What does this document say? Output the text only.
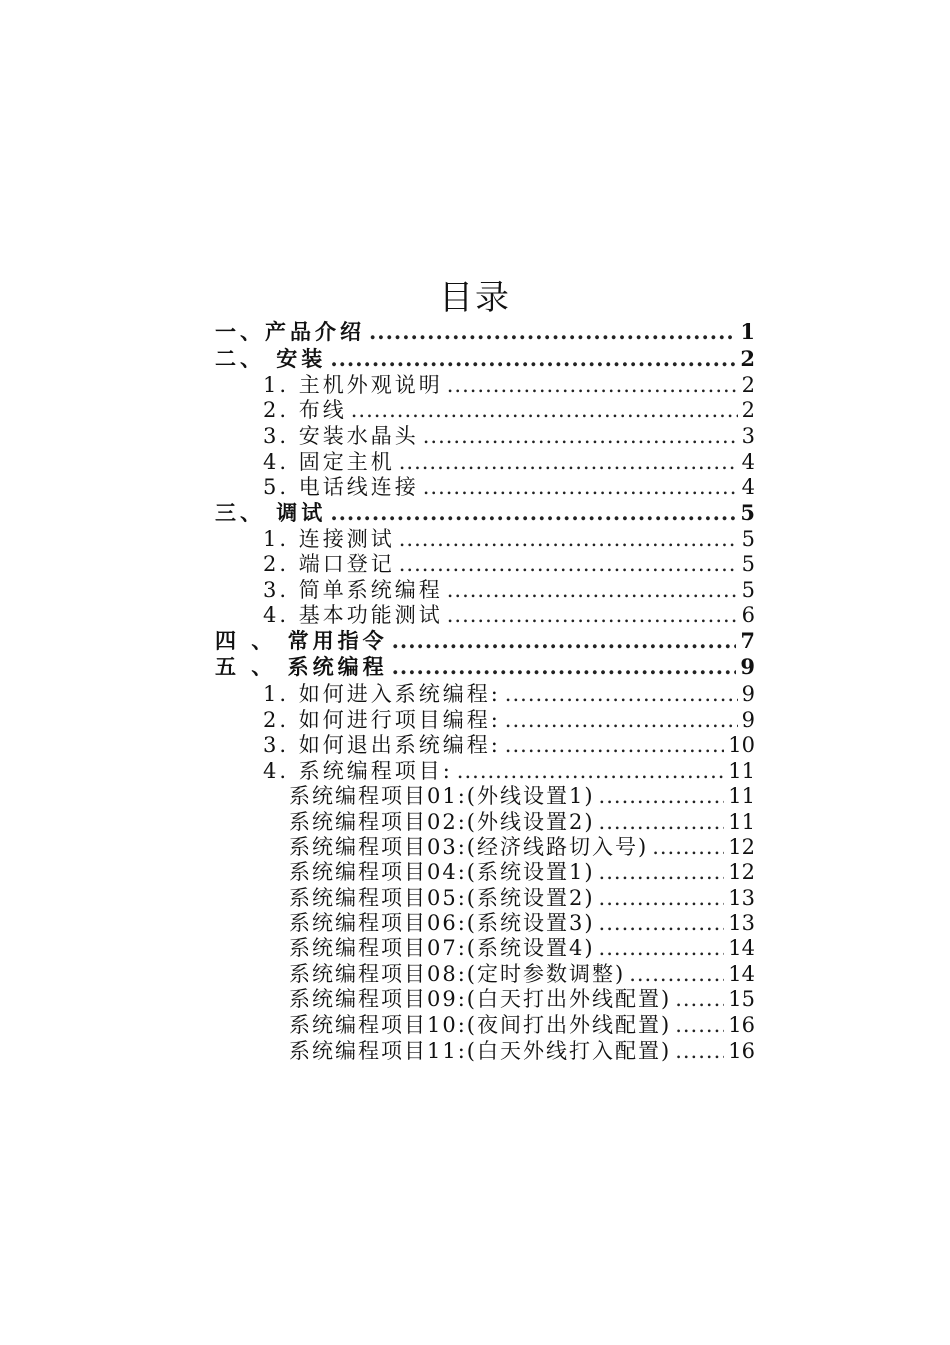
目录
一、产品介绍 .....	1
二、 安装 .....	2
1. 主机外观说明 .....	2
2. 布线 .....	2
3. 安装水晶头 .....	3
4. 固定主机 .....	4
5. 电话线连接 .....	4
三、 调试 .....	5
1. 连接测试 .....	5
2. 端口登记 .....	5
3. 简单系统编程 .....	5
4. 基本功能测试 .....	6
四 、 常用指令 .....	7
五 、 系统编程 .....	9
1. 如何进入系统编程: .....	9
2. 如何进行项目编程: .....	9
3. 如何退出系统编程: .....	10
4. 系统编程项目: .....	11
系统编程项目01:(外线设置1) .....	11
系统编程项目02:(外线设置2) .....	11
系统编程项目03:(经济线路切入号) .....	12
系统编程项目04:(系统设置1) .....	12
系统编程项目05:(系统设置2) .....	13
系统编程项目06:(系统设置3) .....	13
系统编程项目07:(系统设置4) .....	14
系统编程项目08:(定时参数调整) .....	14
系统编程项目09:(白天打出外线配置) .....	15
系统编程项目10:(夜间打出外线配置) .....	16
系统编程项目11:(白天外线打入配置) .....	16
